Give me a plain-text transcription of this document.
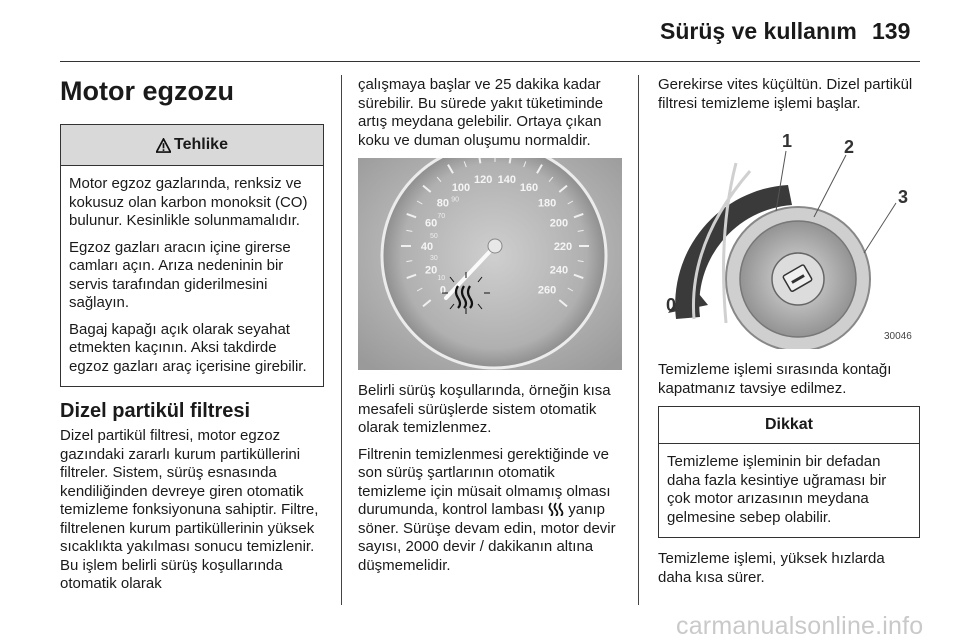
Sürüş ve kullanım 139
Motor egzozu
Tehlike

Motor egzoz gazlarında, renksiz ve kokusuz olan karbon monoksit (CO) bulunur. Kesinlikle solunmamalıdır.

Egzoz gazları aracın içine girerse camları açın. Arıza nedeninin bir servis tarafından giderilmesini sağlayın.

Bagaj kapağı açık olarak seyahat etmekten kaçının. Aksi takdirde egzoz gazları araç içerisine girebilir.

Dizel partikül filtresi

Dizel partikül filtresi, motor egzoz gazındaki zararlı kurum partiküllerini filtreler. Sistem, sürüş esnasında kendiliğinden devreye giren otomatik temizleme fonksiyonuna sahiptir. Filtre, filtrelenen kurum partiküllerinin yüksek sıcaklıkta yakılması sonucu temizlenir. Bu işlem belirli sürüş koşullarında otomatik olarak

çalışmaya başlar ve 25 dakika kadar sürebilir. Bu sürede yakıt tüketiminde artış meydana gelebilir. Ortaya çıkan koku ve duman oluşumu normaldir.

0
20
40
60
80
100
120 140
160
180
200
220
240
260
10
30
50
70
90

Belirli sürüş koşullarında, örneğin kısa mesafeli sürüşlerde sistem otomatik olarak temizlenmez.

Filtrenin temizlenmesi gerektiğinde ve son sürüş şartlarının otomatik temizleme için müsait olmamış olması durumunda, kontrol lambası yanıp söner. Sürüşe devam edin, motor devir sayısı, 2000 devir / dakikanın altına düşmemelidir.

Gerekirse vites küçültün. Dizel partikül filtresi temizleme işlemi başlar.

1	2
3
0
30046

Temizleme işlemi sırasında kontağı kapatmanız tavsiye edilmez.

Dikkat

Temizleme işleminin bir defadan daha fazla kesintiye uğraması bir çok motor arızasının meydana gelmesine sebep olabilir.

Temizleme işlemi, yüksek hızlarda daha kısa sürer.

carmanualsonline.info
